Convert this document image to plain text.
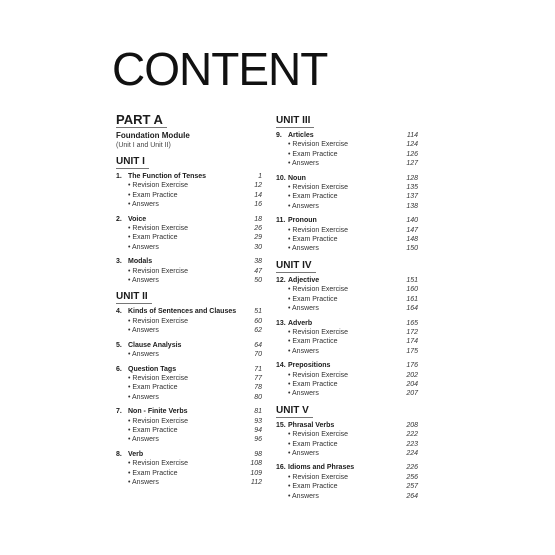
CONTENT
PART A
Foundation Module
(Unit I and Unit II)
UNIT I
1. The Function of Tenses	1
• Revision Exercise	12
• Exam Practice	14
• Answers	16
2. Voice	18
• Revision Exercise	26
• Exam Practice	29
• Answers	30
3. Modals	38
• Revision Exercise	47
• Answers	50
UNIT II
4. Kinds of Sentences and Clauses	51
• Revision Exercise	60
• Answers	62
5. Clause Analysis	64
• Answers	70
6. Question Tags	71
• Revision Exercise	77
• Exam Practice	78
• Answers	80
7. Non - Finite Verbs	81
• Revision Exercise	93
• Exam Practice	94
• Answers	96
8. Verb	98
• Revision Exercise	108
• Exam Practice	109
• Answers	112
UNIT III
9. Articles	114
• Revision Exercise	124
• Exam Practice	126
• Answers	127
10. Noun	128
• Revision Exercise	135
• Exam Practice	137
• Answers	138
11. Pronoun	140
• Revision Exercise	147
• Exam Practice	148
• Answers	150
UNIT IV
12. Adjective	151
• Revision Exercise	160
• Exam Practice	161
• Answers	164
13. Adverb	165
• Revision Exercise	172
• Exam Practice	174
• Answers	175
14. Prepositions	176
• Revision Exercise	202
• Exam Practice	204
• Answers	207
UNIT V
15. Phrasal Verbs	208
• Revision Exercise	222
• Exam Practice	223
• Answers	224
16. Idioms and Phrases	226
• Revision Exercise	256
• Exam Practice	257
• Answers	264
